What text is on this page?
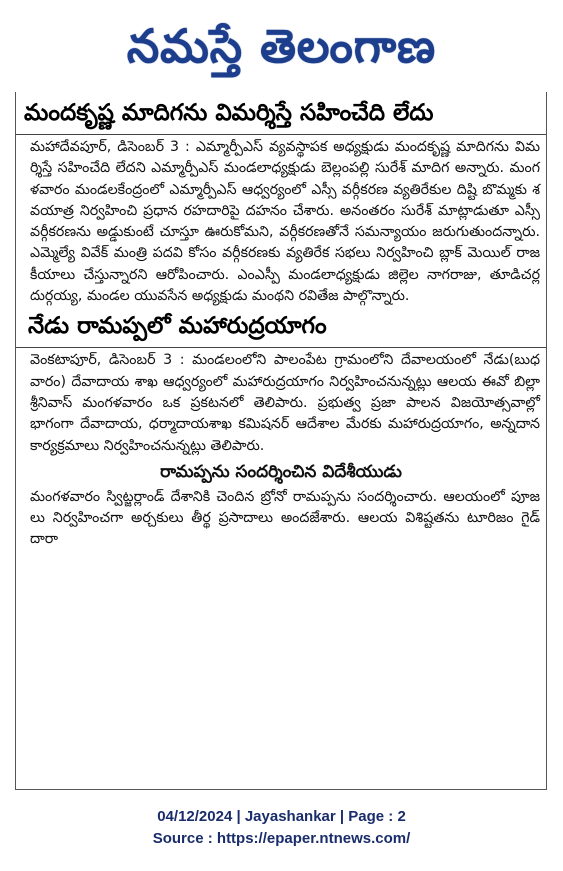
నమస్తే తెలంగాణ
మందకృష్ణ మాదిగను విమర్శిస్తే సహించేది లేదు
మహాదేవపూర్, డిసెంబర్ 3 : ఎమ్మార్పీఎస్ వ్యవస్థాపక అధ్యక్షుడు మందకృష్ణ మాదిగను విమర్శిస్తే సహించేది లేదని ఎమ్మార్పీఎస్ మండలాధ్యక్షుడు బెల్లంపల్లి సురేశ్ మాదిగ అన్నారు. మంగళవారం మండలకేంద్రంలో ఎమ్మార్పీఎస్ ఆధ్వర్యంలో ఎస్సీ వర్గీకరణ వ్యతిరేకుల దిష్టి బొమ్మకు శవయాత్ర నిర్వహించి ప్రధాన రహదారిపై దహనం చేశారు. అనంతరం సురేశ్ మాట్లాడుతూ ఎస్సీ వర్గీకరణను అడ్డుకుంటే చూస్తూ ఊరుకోమని, వర్గీకరణతోనే సమన్యాయం జరుగుతుందన్నారు. ఎమ్మెల్యే వివేక్ మంత్రి పదవి కోసం వర్గీకరణకు వ్యతిరేక సభలు నిర్వహించి బ్లాక్ మెయిల్ రాజకీయాలు చేస్తున్నారని ఆరోపించారు. ఎంఎస్పీ మండలాధ్యక్షుడు జిల్లెల నాగరాజు, తూడిచర్ల దుర్గయ్య, మండల యువసేన అధ్యక్షుడు మంథని రవితేజ పాల్గొన్నారు.
నేడు రామప్పలో మహారుద్రయాగం
వెంకటాపూర్, డిసెంబర్ 3 : మండలంలోని పాలంపేట గ్రామంలోని దేవాలయంలో నేడు(బుధవారం) దేవాదాయ శాఖ ఆధ్వర్యంలో మహారుద్రయాగం నిర్వహించనున్నట్లు ఆలయ ఈవో బిల్లా శ్రీనివాస్ మంగళవారం ఒక ప్రకటనలో తెలిపారు. ప్రభుత్వ ప్రజా పాలన విజయోత్సవాల్లో భాగంగా దేవాదాయ, ధర్మాదాయశాఖ కమిషనర్ ఆదేశాల మేరకు మహారుద్రయాగం, అన్నదాన కార్యక్రమాలు నిర్వహించనున్నట్లు తెలిపారు.
రామప్పను సందర్శించిన విదేశీయుడు
మంగళవారం స్విట్జర్లాండ్ దేశానికి చెందిన బ్రోనో రామప్పను సందర్శించారు. ఆలయంలో పూజలు నిర్వహించగా అర్చకులు తీర్థ ప్రసాదాలు అందజేశారు. ఆలయ విశిష్టతను టూరిజం గైడ్ దారా
04/12/2024 | Jayashankar | Page : 2
Source : https://epaper.ntnews.com/
